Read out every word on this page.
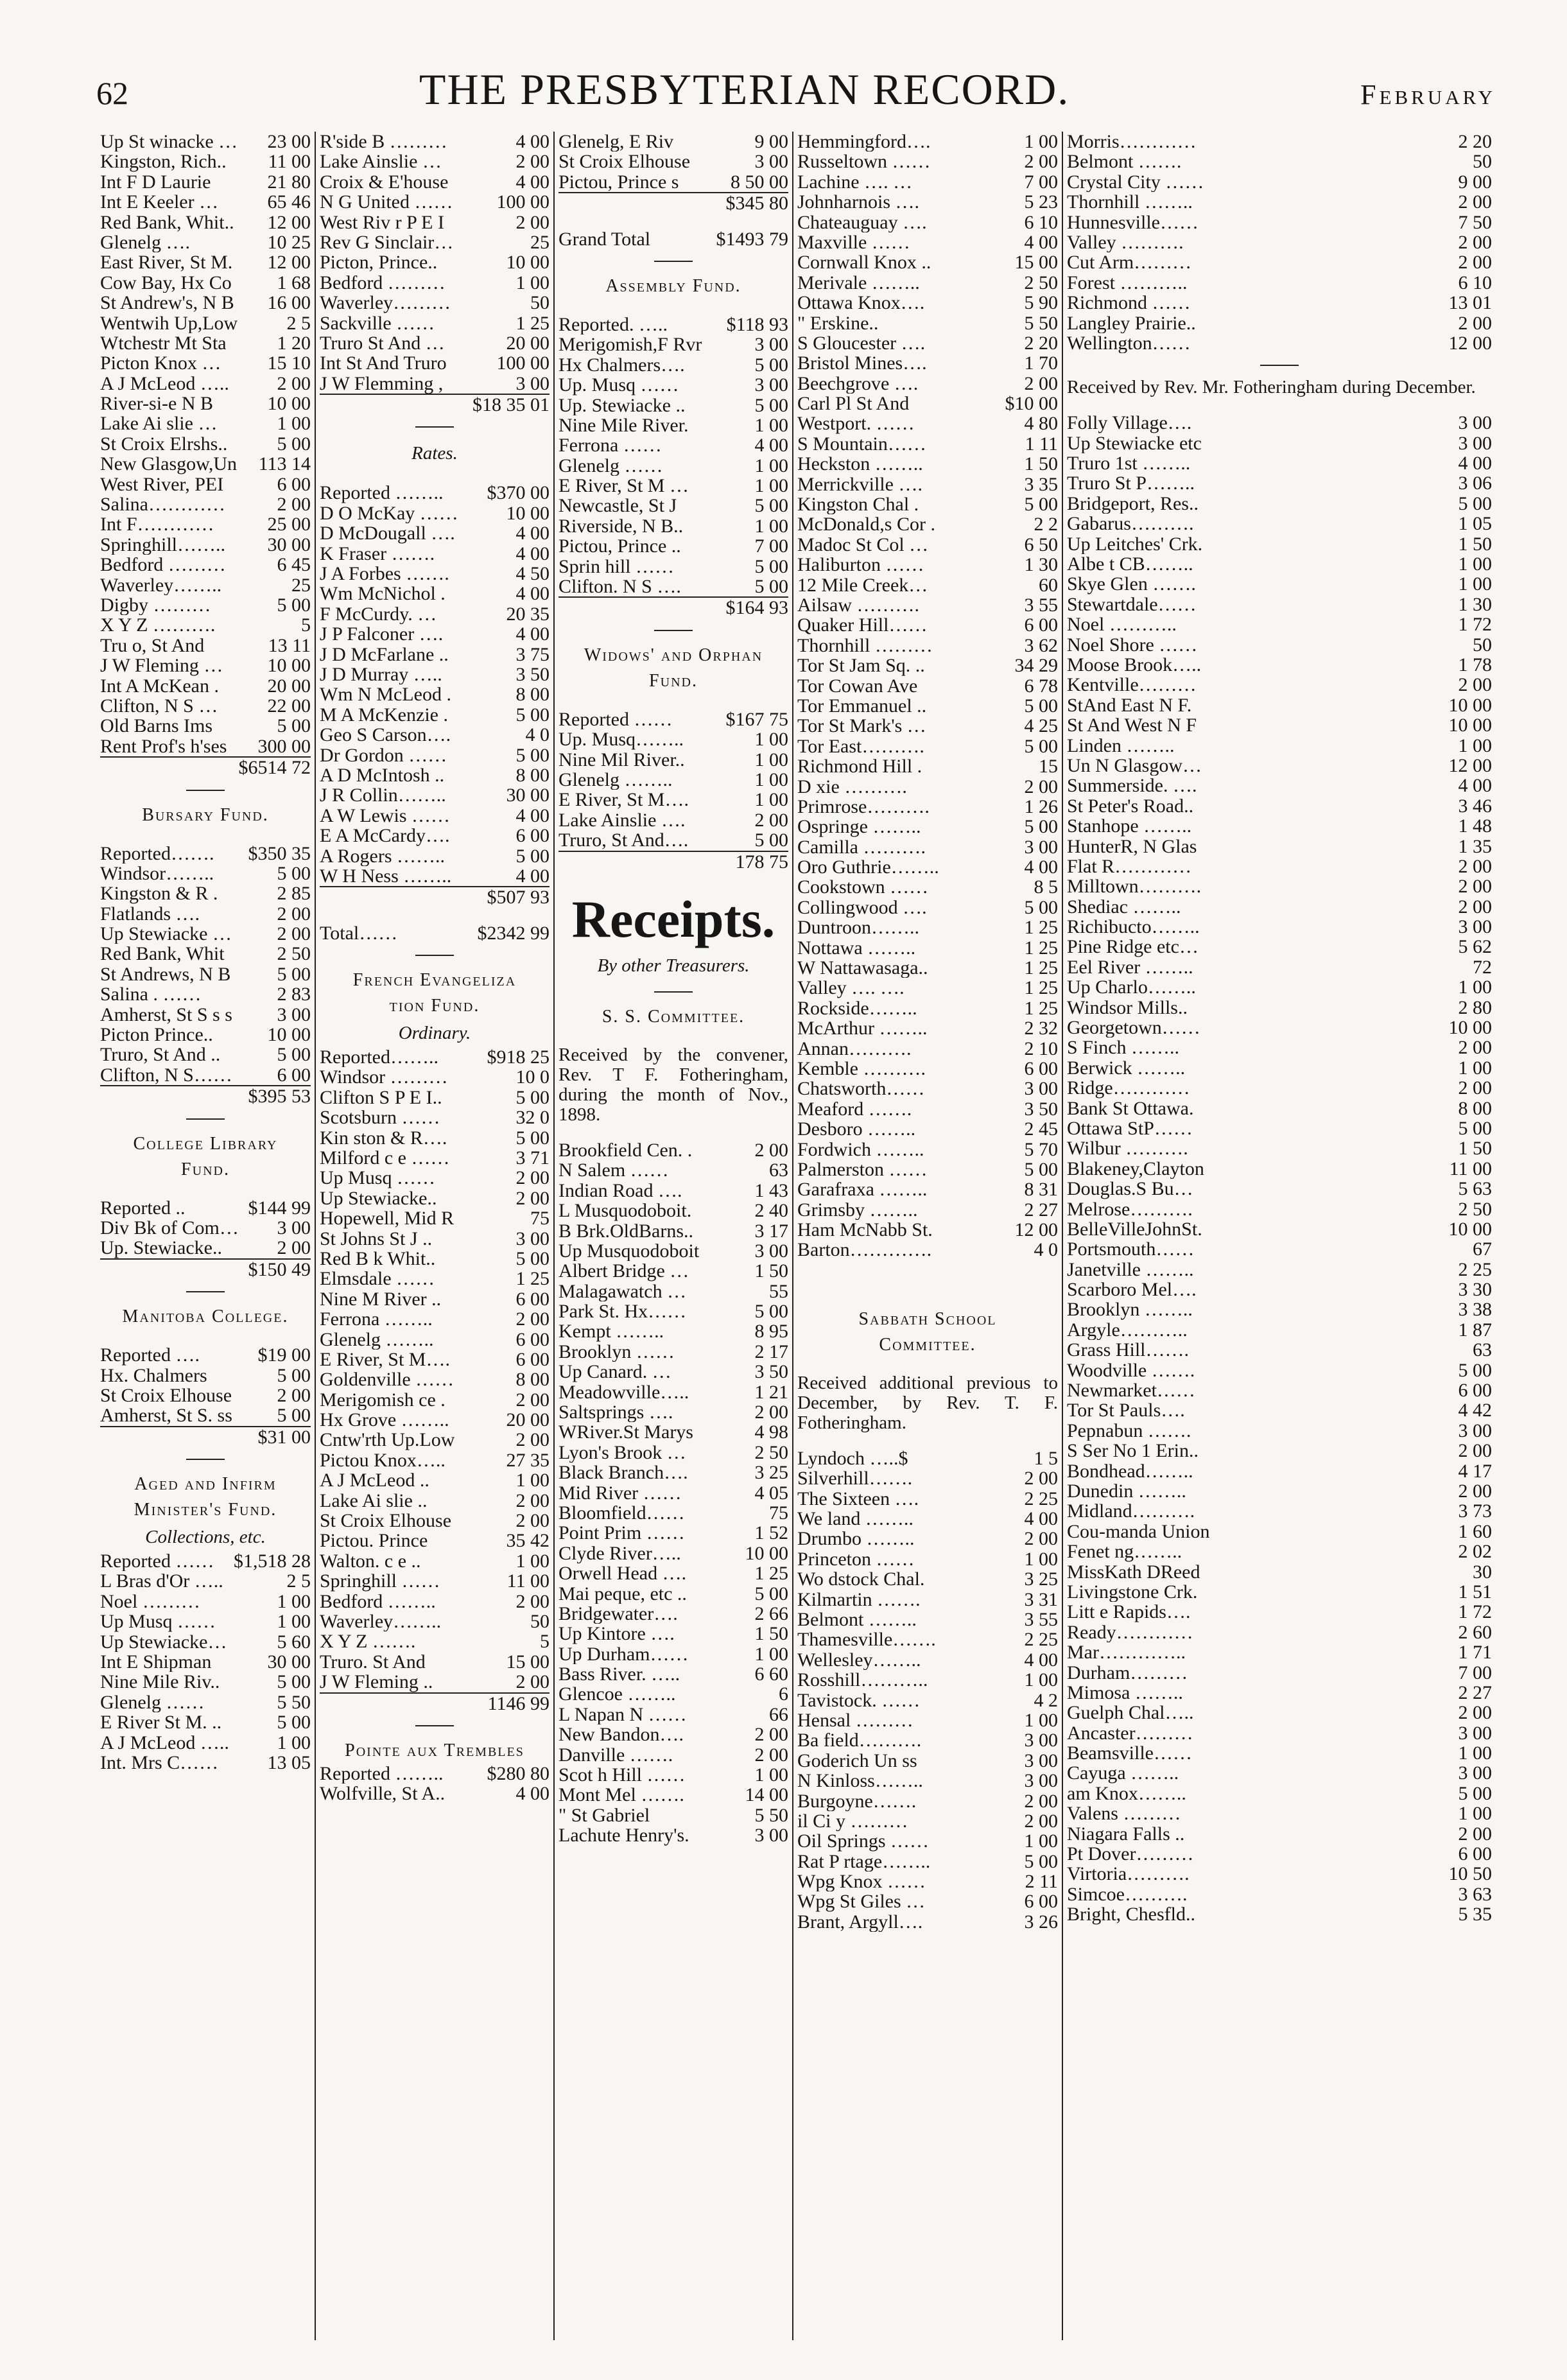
62	THE PRESBYTERIAN RECORD.	February
Up St winacke …	23 00
Kingston, Rich..	11 00
Int F D Laurie	21 80
Int E Keeler …	65 46
Red Bank, Whit..	12 00
Glenelg ….	10 25
East River, St M.	12 00
Cow Bay, Hx Co	1 68
St Andrew's, N B	16 00
Wentwih Up,Low	2 5
Wtchestr Mt Sta	1 20
Picton Knox …	15 10
A J McLeod …..	2 00
River-si-e N B	10 00
Lake Ai slie …	1 00
St Croix Elrshs..	5 00
New Glasgow,Un	113 14
West River, PEI	6 00
Salina…………	2 00
Int F…………	25 00
Springhill……..	30 00
Bedford ………	6 45
Waverley……..	25
Digby ………	5 00
X Y Z ……….	5
Tru o, St And	13 11
J W Fleming …	10 00
Int A McKean .	20 00
Clifton, N S …	22 00
Old Barns Ims	5 00
Rent Prof's h'ses	300 00
$6514 72
Bursary Fund.
Reported…….	$350 35
Windsor……..	5 00
Kingston & R .	2 85
Flatlands ….	2 00
Up Stewiacke …	2 00
Red Bank, Whit	2 50
St Andrews, N B	5 00
Salina . ……	2 83
Amherst, St S s s	3 00
Picton Prince..	10 00
Truro, St And ..	5 00
Clifton, N S……	6 00
$395 53
College Library
Fund.
Reported ..	$144 99
Div Bk of Com…	3 00
Up. Stewiacke..	2 00
$150 49
Manitoba College.
Reported ….	$19 00
Hx. Chalmers	5 00
St Croix Elhouse	2 00
Amherst, St S. ss	5 00
$31 00
Aged and Infirm
Minister's Fund.
Collections, etc.
Reported ……	$1,518 28
L Bras d'Or …..	2 5
Noel ………	1 00
Up Musq ……	1 00
Up Stewiacke…	5 60
Int E Shipman	30 00
Nine Mile Riv..	5 00
Glenelg ……	5 50
E River St M. ..	5 00
A J McLeod …..	1 00
Int. Mrs C……	13 05
R'side B ………	4 00
Lake Ainslie …	2 00
Croix & E'house	4 00
N G United ……	100 00
West Riv r P E I	2 00
Rev G Sinclair…	25
Picton, Prince..	10 00
Bedford ………	1 00
Waverley………	50
Sackville ……	1 25
Truro St And …	20 00
Int St And Truro	100 00
J W Flemming ,	3 00
$18 35 01
Rates.
Reported ……..	$370 00
D O McKay ……	10 00
D McDougall ….	4 00
K Fraser …….	4 00
J A Forbes …….	4 50
Wm McNichol .	4 00
F McCurdy. …	20 35
J P Falconer ….	4 00
J D McFarlane ..	3 75
J D Murray …..	3 50
Wm N McLeod .	8 00
M A McKenzie .	5 00
Geo S Carson….	4 0
Dr Gordon ……	5 00
A D McIntosh ..	8 00
J R Collin……..	30 00
A W Lewis ……	4 00
E A McCardy….	6 00
A Rogers ……..	5 00
W H Ness ……..	4 00
$507 93
Total……	$2342 99
French Evangeliza
tion Fund.
Ordinary.
Reported……..	$918 25
Windsor ………	10 0
Clifton S P E I..	5 00
Scotsburn ……	32 0
Kin ston & R….	5 00
Milford c e ……	3 71
Up Musq ……	2 00
Up Stewiacke..	2 00
Hopewell, Mid R	75
St Johns St J ..	3 00
Red B k Whit..	5 00
Elmsdale ……	1 25
Nine M River ..	6 00
Ferrona ……..	2 00
Glenelg ……..	6 00
E River, St M….	6 00
Goldenville ……	8 00
Merigomish ce .	2 00
Hx Grove ……..	20 00
Cntw'rth Up.Low	2 00
Pictou Knox…..	27 35
A J McLeod ..	1 00
Lake Ai slie ..	2 00
St Croix Elhouse	2 00
Pictou. Prince	35 42
Walton. c e ..	1 00
Springhill ……	11 00
Bedford ……..	2 00
Waverley……..	50
X Y Z …….	5
Truro. St And	15 00
J W Fleming ..	2 00
1146 99
Pointe aux Trembles
Reported ……..	$280 80
Wolfville, St A..	4 00
Glenelg, E Riv	9 00
St Croix Elhouse	3 00
Pictou, Prince s	8 50 00
$345 80
Grand Total	$1493 79
Assembly Fund.
Reported. …..	$118 93
Merigomish,F Rvr	3 00
Hx Chalmers….	5 00
Up. Musq ……	3 00
Up. Stewiacke ..	5 00
Nine Mile River.	1 00
Ferrona ……	4 00
Glenelg ……	1 00
E River, St M …	1 00
Newcastle, St J	5 00
Riverside, N B..	1 00
Pictou, Prince ..	7 00
Sprin hill ……	5 00
Clifton. N S ….	5 00
$164 93
Widows' and Orphan
Fund.
Reported ……	$167 75
Up. Musq……..	1 00
Nine Mil River..	1 00
Glenelg ……..	1 00
E River, St M….	1 00
Lake Ainslie ….	2 00
Truro, St And….	5 00
178 75
Receipts.
By other Treasurers.
S. S. Committee.
Received by the convener, Rev. T F. Fotheringham, during the month of Nov., 1898.
Brookfield Cen. .	2 00
N Salem ……	63
Indian Road ….	1 43
L Musquodoboit.	2 40
B Brk.OldBarns..	3 17
Up Musquodoboit	3 00
Albert Bridge …	1 50
Malagawatch …	55
Park St. Hx……	5 00
Kempt ……..	8 95
Brooklyn ……	2 17
Up Canard. …	3 50
Meadowville…..	1 21
Saltsprings ….	2 00
WRiver.St Marys	4 98
Lyon's Brook …	2 50
Black Branch….	3 25
Mid River ……	4 05
Bloomfield……	75
Point Prim ……	1 52
Clyde River…..	10 00
Orwell Head ….	1 25
Mai peque, etc ..	5 00
Bridgewater….	2 66
Up Kintore ….	1 50
Up Durham……	1 00
Bass River. …..	6 60
Glencoe ……..	6
L Napan N ……	66
New Bandon….	2 00
Danville …….	2 00
Scot h Hill ……	1 00
Mont Mel …….	14 00
" St Gabriel	5 50
Lachute Henry's.	3 00
Hemmingford….	1 00
Russeltown ……	2 00
Lachine …. …	7 00
Johnharnois ….	5 23
Chateauguay ….	6 10
Maxville ……	4 00
Cornwall Knox ..	15 00
Merivale ……..	2 50
Ottawa Knox….	5 90
" Erskine..	5 50
S Gloucester ….	2 20
Bristol Mines….	1 70
Beechgrove ….	2 00
Carl Pl St And	$10 00
Westport. ……	4 80
S Mountain……	1 11
Heckston ……..	1 50
Merrickville ….	3 35
Kingston Chal .	5 00
McDonald,s Cor .	2 2
Madoc St Col …	6 50
Haliburton ……	1 30
12 Mile Creek…	60
Ailsaw ……….	3 55
Quaker Hill……	6 00
Thornhill ………	3 62
Tor St Jam Sq. ..	34 29
Tor Cowan Ave	6 78
Tor Emmanuel ..	5 00
Tor St Mark's …	4 25
Tor East……….	5 00
Richmond Hill .	15
D xie ……….	2 00
Primrose……….	1 26
Ospringe ……..	5 00
Camilla ……….	3 00
Oro Guthrie……..	4 00
Cookstown ……	8 5
Collingwood ….	5 00
Duntroon……..	1 25
Nottawa ……..	1 25
W Nattawasaga..	1 25
Valley …. ….	1 25
Rockside……..	1 25
McArthur ……..	2 32
Annan……….	2 10
Kemble ……….	6 00
Chatsworth……	3 00
Meaford …….	3 50
Desboro ……..	2 45
Fordwich ……..	5 70
Palmerston ……	5 00
Garafraxa ……..	8 31
Grimsby ……..	2 27
Ham McNabb St.	12 00
Barton………….	4 0
Sabbath School
Committee.
Received additional previous to December, by Rev. T. F. Fotheringham.
Lyndoch …..$	1 5
Silverhill…….	2 00
The Sixteen ….	2 25
We land ……..	4 00
Drumbo ……..	2 00
Princeton ……	1 00
Wo dstock Chal.	3 25
Kilmartin …….	3 31
Belmont ……..	3 55
Thamesville…….	2 25
Wellesley……..	4 00
Rosshill………..	1 00
Tavistock. ……	4 2
Hensal ………	1 00
Ba field……….	3 00
Goderich Un ss	3 00
N Kinloss……..	3 00
Burgoyne…….	2 00
il Ci y ………	2 00
Oil Springs ……	1 00
Rat P rtage……..	5 00
Wpg Knox ……	2 11
Wpg St Giles …	6 00
Brant, Argyll….	3 26
Morris…………	2 20
Belmont …….	50
Crystal City ……	9 00
Thornhill ……..	2 00
Hunnesville……	7 50
Valley ……….	2 00
Cut Arm………	2 00
Forest ………..	6 10
Richmond ……	13 01
Langley Prairie..	2 00
Wellington……	12 00
Received by Rev. Mr. Fotheringham during December.
Folly Village….	3 00
Up Stewiacke etc	3 00
Truro 1st ……..	4 00
Truro St P……..	3 06
Bridgeport, Res..	5 00
Gabarus……….	1 05
Up Leitches' Crk.	1 50
Albe t CB……..	1 00
Skye Glen …….	1 00
Stewartdale……	1 30
Noel ………..	1 72
Noel Shore ……	50
Moose Brook…..	1 78
Kentville………	2 00
StAnd East N F.	10 00
St And West N F	10 00
Linden ……..	1 00
Un N Glasgow…	12 00
Summerside. ….	4 00
St Peter's Road..	3 46
Stanhope ……..	1 48
HunterR, N Glas	1 35
Flat R…………	2 00
Milltown……….	2 00
Shediac ……..	2 00
Richibucto……..	3 00
Pine Ridge etc…	5 62
Eel River ……..	72
Up Charlo……..	1 00
Windsor Mills..	2 80
Georgetown……	10 00
S Finch ……..	2 00
Berwick ……..	1 00
Ridge…………	2 00
Bank St Ottawa.	8 00
Ottawa StP……	5 00
Wilbur ……….	1 50
Blakeney,Clayton	11 00
Douglas.S Bu…	5 63
Melrose……….	2 50
BelleVilleJohnSt.	10 00
Portsmouth……	67
Janetville ……..	2 25
Scarboro Mel….	3 30
Brooklyn ……..	3 38
Argyle………..	1 87
Grass Hill…….	63
Woodville …….	5 00
Newmarket……	6 00
Tor St Pauls….	4 42
Pepnabun …….	3 00
S Ser No 1 Erin..	2 00
Bondhead……..	4 17
Dunedin ……..	2 00
Midland……….	3 73
Cou-manda Union	1 60
Fenet ng……..	2 02
MissKath DReed	30
Livingstone Crk.	1 51
Litt e Rapids….	1 72
Ready…………	2 60
Mar…………..	1 71
Durham………	7 00
Mimosa ……..	2 27
Guelph Chal…..	2 00
Ancaster………	3 00
Beamsville……	1 00
Cayuga ……..	3 00
am Knox……..	5 00
Valens ………	1 00
Niagara Falls ..	2 00
Pt Dover………	6 00
Virtoria……….	10 50
Simcoe……….	3 63
Bright, Chesfld..	5 35
